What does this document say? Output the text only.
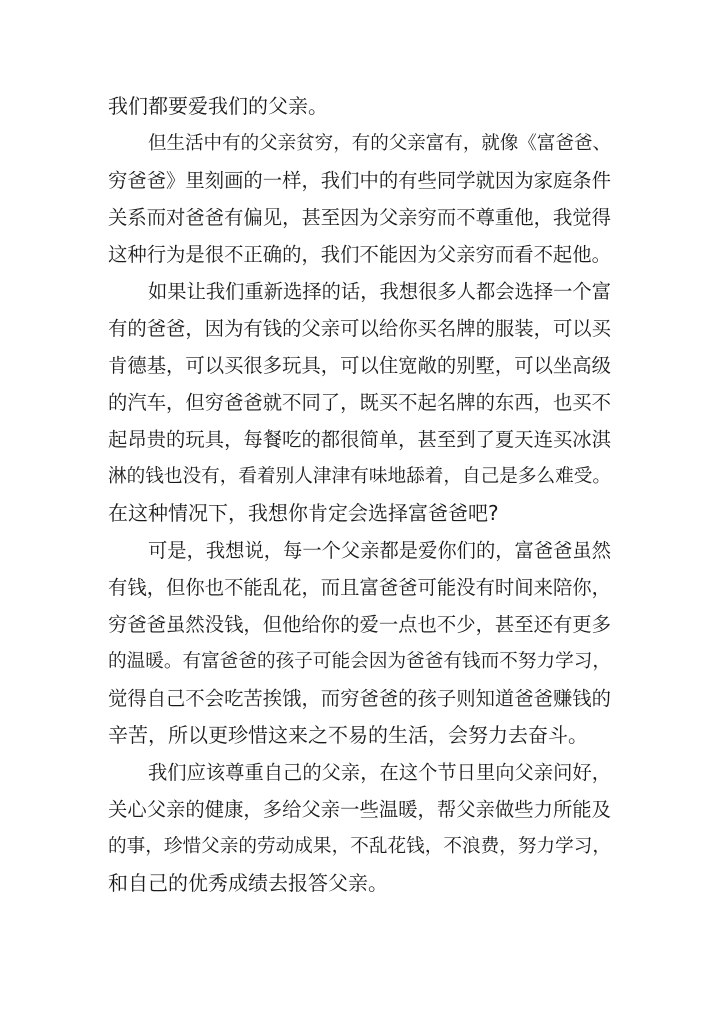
我们都要爱我们的父亲。
但生活中有的父亲贫穷，有的父亲富有，就像《富爸爸、
穷爸爸》里刻画的一样，我们中的有些同学就因为家庭条件
关系而对爸爸有偏见，甚至因为父亲穷而不尊重他，我觉得
这种行为是很不正确的，我们不能因为父亲穷而看不起他。
如果让我们重新选择的话，我想很多人都会选择一个富
有的爸爸，因为有钱的父亲可以给你买名牌的服装，可以买
肯德基，可以买很多玩具，可以住宽敞的别墅，可以坐高级
的汽车，但穷爸爸就不同了，既买不起名牌的东西，也买不
起昂贵的玩具，每餐吃的都很简单，甚至到了夏天连买冰淇
淋的钱也没有，看着别人津津有味地舔着，自己是多么难受。
在这种情况下，我想你肯定会选择富爸爸吧?
可是，我想说，每一个父亲都是爱你们的，富爸爸虽然
有钱，但你也不能乱花，而且富爸爸可能没有时间来陪你，
穷爸爸虽然没钱，但他给你的爱一点也不少，甚至还有更多
的温暖。有富爸爸的孩子可能会因为爸爸有钱而不努力学习，
觉得自己不会吃苦挨饿，而穷爸爸的孩子则知道爸爸赚钱的
辛苦，所以更珍惜这来之不易的生活，会努力去奋斗。
我们应该尊重自己的父亲，在这个节日里向父亲问好，
关心父亲的健康，多给父亲一些温暖，帮父亲做些力所能及
的事，珍惜父亲的劳动成果，不乱花钱，不浪费，努力学习，
和自己的优秀成绩去报答父亲。
